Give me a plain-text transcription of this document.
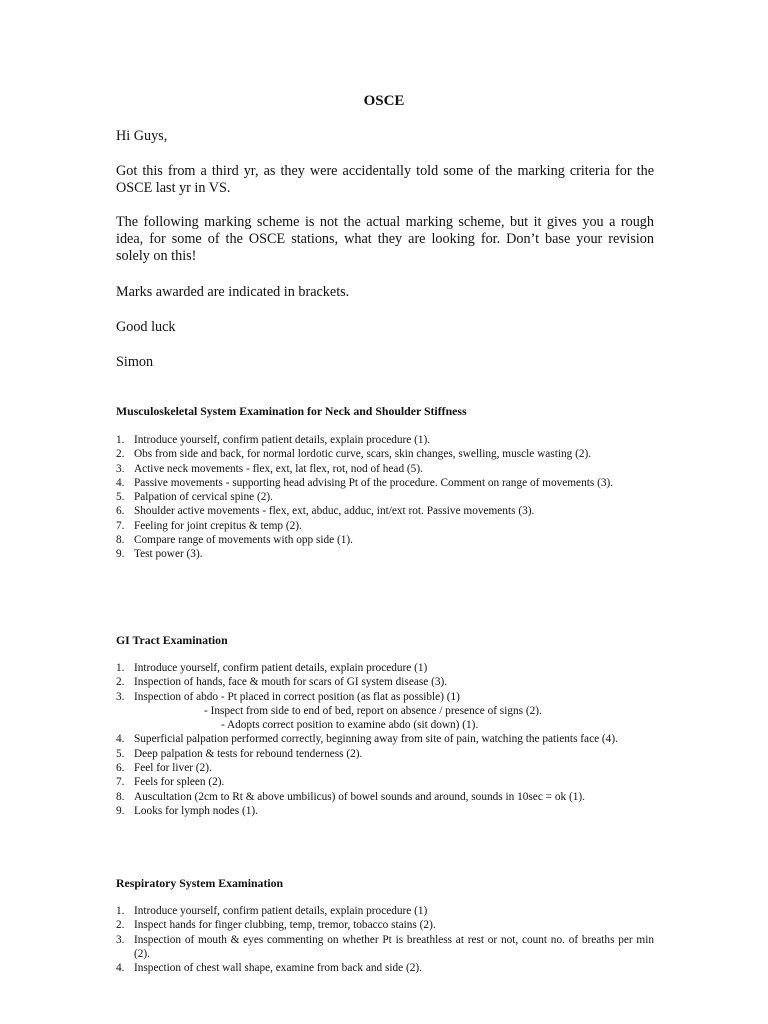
OSCE
Hi Guys,
Got this from a third yr, as they were accidentally told some of the marking criteria for the OSCE last yr in VS.
The following marking scheme is not the actual marking scheme, but it gives you a rough idea, for some of the OSCE stations, what they are looking for. Don’t base your revision solely on this!
Marks awarded are indicated in brackets.
Good luck
Simon
Musculoskeletal System Examination for Neck and Shoulder Stiffness
1. Introduce yourself, confirm patient details, explain procedure (1).
2. Obs from side and back, for normal lordotic curve, scars, skin changes, swelling, muscle wasting (2).
3. Active neck movements - flex, ext, lat flex, rot, nod of head (5).
4. Passive movements - supporting head advising Pt of the procedure. Comment on range of movements (3).
5. Palpation of cervical spine (2).
6. Shoulder active movements - flex, ext, abduc, adduc, int/ext rot. Passive movements (3).
7. Feeling for joint crepitus & temp (2).
8. Compare range of movements with opp side (1).
9. Test power (3).
GI Tract Examination
1. Introduce yourself, confirm patient details, explain procedure (1)
2. Inspection of hands, face & mouth for scars of GI system disease (3).
3. Inspection of abdo - Pt placed in correct position (as flat as possible) (1)
- Inspect from side to end of bed, report on absence / presence of signs (2).
- Adopts correct position to examine abdo (sit down) (1).
4. Superficial palpation performed correctly, beginning away from site of pain, watching the patients face (4).
5. Deep palpation & tests for rebound tenderness (2).
6. Feel for liver (2).
7. Feels for spleen (2).
8. Auscultation (2cm to Rt & above umbilicus) of bowel sounds and around, sounds in 10sec = ok (1).
9. Looks for lymph nodes (1).
Respiratory System Examination
1. Introduce yourself, confirm patient details, explain procedure (1)
2. Inspect hands for finger clubbing, temp, tremor, tobacco stains (2).
3. Inspection of mouth & eyes commenting on whether Pt is breathless at rest or not, count no. of breaths per min (2).
4. Inspection of chest wall shape, examine from back and side (2).
